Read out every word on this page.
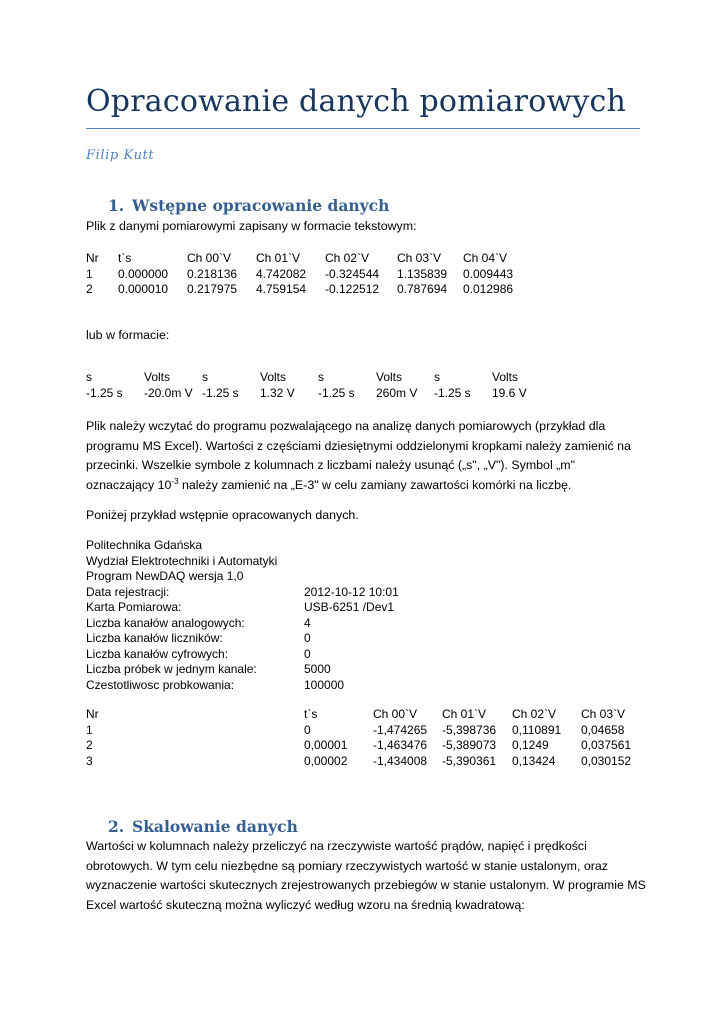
Opracowanie danych pomiarowych
Filip Kutt
1. Wstępne opracowanie danych

Plik z danymi pomiarowymi zapisany w formacie tekstowym:

Nr t`s	Ch 00`V Ch 01`V Ch 02`V Ch 03`V Ch 04`V
1 0.000000 0.218136 4.742082 -0.324544 1.135839 0.009443
2 0.000010 0.217975 4.759154 -0.122512 0.787694 0.012986

lub w formacie:

s	Volts	s	Volts	s	Volts	s	Volts
-1.25 s -20.0m V -1.25 s 1.32 V -1.25 s 260m V -1.25 s 19.6 V

Plik należy wczytać do programu pozwalającego na analizę danych pomiarowych (przykład dla programu MS Excel). Wartości z częściami dziesiętnymi oddzielonymi kropkami należy zamienić na przecinki. Wszelkie symbole z kolumnach z liczbami należy usunąć („s", „V"). Symbol „m" oznaczający $10^{-3}$ należy zamienić na „E-3" w celu zamiany zawartości komórki na liczbę.

Poniżej przykład wstępnie opracowanych danych.

Politechnika Gdańska
Wydział Elektrotechniki i Automatyki
Program NewDAQ wersja 1,0
Data rejestracji:	2012-10-12 10:01
Karta Pomiarowa:	USB-6251 /Dev1
Liczba kanałów analogowych:	4
Liczba kanałów liczników:	0
Liczba kanałów cyfrowych:	0
Liczba próbek w jednym kanale:	5000
Czestotliwosc probkowania:	100000
Nr	t`s	Ch 00`V Ch 01`V Ch 02`V Ch 03`V
1	0	-1,474265 -5,398736 0,110891 0,04658
2	0,00001 -1,463476 -5,389073 0,1249	0,037561
3	0,00002 -1,434008 -5,390361 0,13424 0,030152
2. Skalowanie danych

Wartości w kolumnach należy przeliczyć na rzeczywiste wartość prądów, napięć i prędkości obrotowych. W tym celu niezbędne są pomiary rzeczywistych wartość w stanie ustalonym, oraz wyznaczenie wartości skutecznych zrejestrowanych przebiegów w stanie ustalonym. W programie MS Excel wartość skuteczną można wyliczyć według wzoru na średnią kwadratową:
